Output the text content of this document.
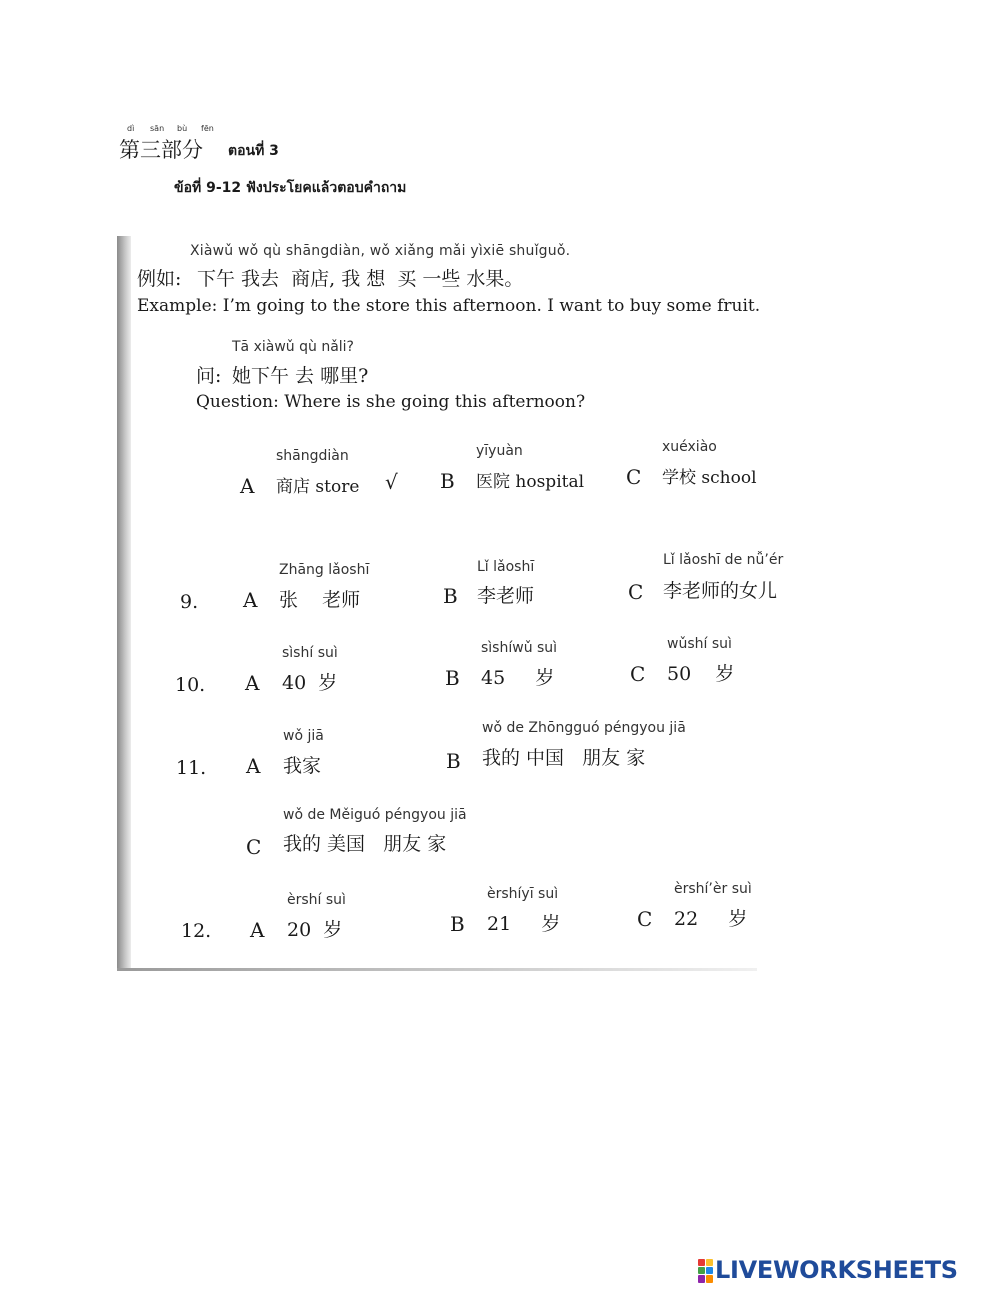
dì sān bù fēn
第三部分 ตอนที่ 3
ข้อที่ 9-12 ฟังประโยคแล้วตอบคำถาม
Xiàwǔ wǒ qù shāngdiàn, wǒ xiǎng mǎi yìxiē shuǐguǒ.
例如: 下午 我去  商店, 我 想  买 一些 水果。
Example: I’m going to the store this afternoon. I want to buy some fruit.
Tā xiàwǔ qù nǎli?
问: 她下午 去 哪里?
Question: Where is she going this afternoon?
shāngdiàn
A 商店 store √
yīyuàn
B 医院 hospital
xuéxiào
C 学校 school
9.
Zhāng lǎoshī
A 张    老师
Lǐ lǎoshī
B 李老师
Lǐ lǎoshī de nǚ’ér
C 李老师的女儿
10.
sìshí suì
A 40  岁
sìshíwǔ suì
B 45     岁
wǔshí suì
C 50    岁
11.
wǒ jiā
A 我家
wǒ de Zhōngguó péngyou jiā
B 我的 中国   朋友 家
wǒ de Měiguó péngyou jiā
C 我的 美国   朋友 家
12.
èrshí suì
A 20  岁
èrshíyī suì
B 21     岁
èrshí’èr suì
C 22     岁
LIVEWORKSHEETS
